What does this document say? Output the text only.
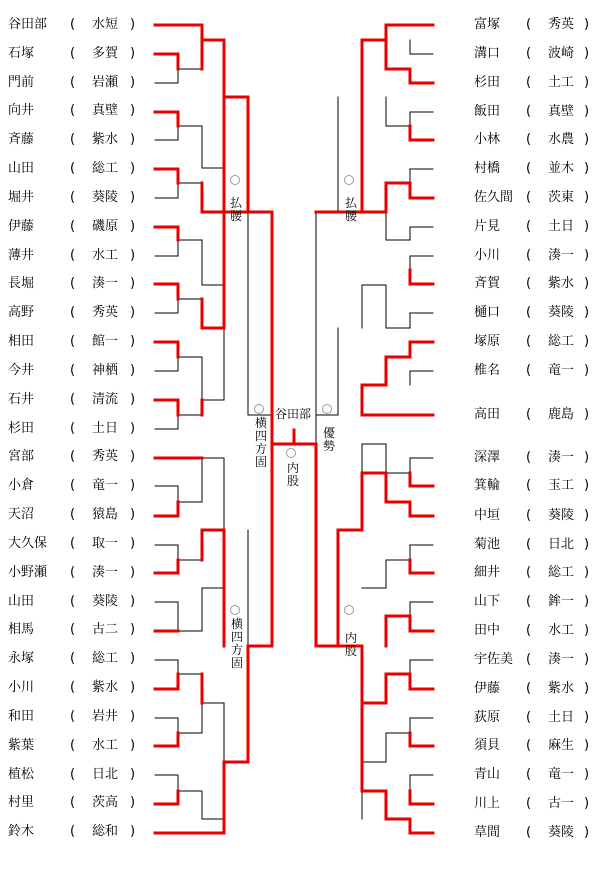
払
腰
払
腰
横
四
方
固
横
四
方
固
内
股
内
股
優
勢
谷田部
谷田部 ( 水短 )
石塚	( 多賀 )
門前	( 岩瀬 )
向井	( 真壁 )
斉藤	( 紫水 )
山田	( 総工 )
堀井	( 葵陵 )
伊藤	( 磯原 )
薄井	( 水工 )
長堀	( 湊一 )
高野	( 秀英 )
相田	( 館一 )
今井	( 神栖 )
石井	( 清流 )
杉田	( 土日 )
宮部	( 秀英 )
小倉	( 竜一 )
天沼	( 猿島 )
大久保 ( 取一 )
小野瀬 ( 湊一 )
山田	( 葵陵 )
相馬	( 古二 )
永塚	( 総工 )
小川	( 紫水 )
和田	( 岩井 )
紫葉	( 水工 )
植松	( 日北 )
村里	( 茨高 )
鈴木	( 総和 )
富塚 ( 秀英 )
溝口 ( 波崎 )
杉田 ( 土工 )
飯田 ( 真壁 )
小林 ( 水農 )
村橋 ( 並木 )
佐久間 ( 茨東 )
片見 ( 土日 )
小川 ( 湊一 )
斉賀 ( 紫水 )
樋口 ( 葵陵 )
塚原 ( 総工 )
椎名 ( 竜一 )
高田 ( 鹿島 )
深澤 ( 湊一 )
箕輪 ( 玉工 )
中垣 ( 葵陵 )
菊池 ( 日北 )
細井 ( 総工 )
山下 ( 鉾一 )
田中 ( 水工 )
宇佐美 ( 湊一 )
伊藤 ( 紫水 )
荻原 ( 土日 )
須貝 ( 麻生 )
青山 ( 竜一 )
川上 ( 古一 )
草間 ( 葵陵 )
